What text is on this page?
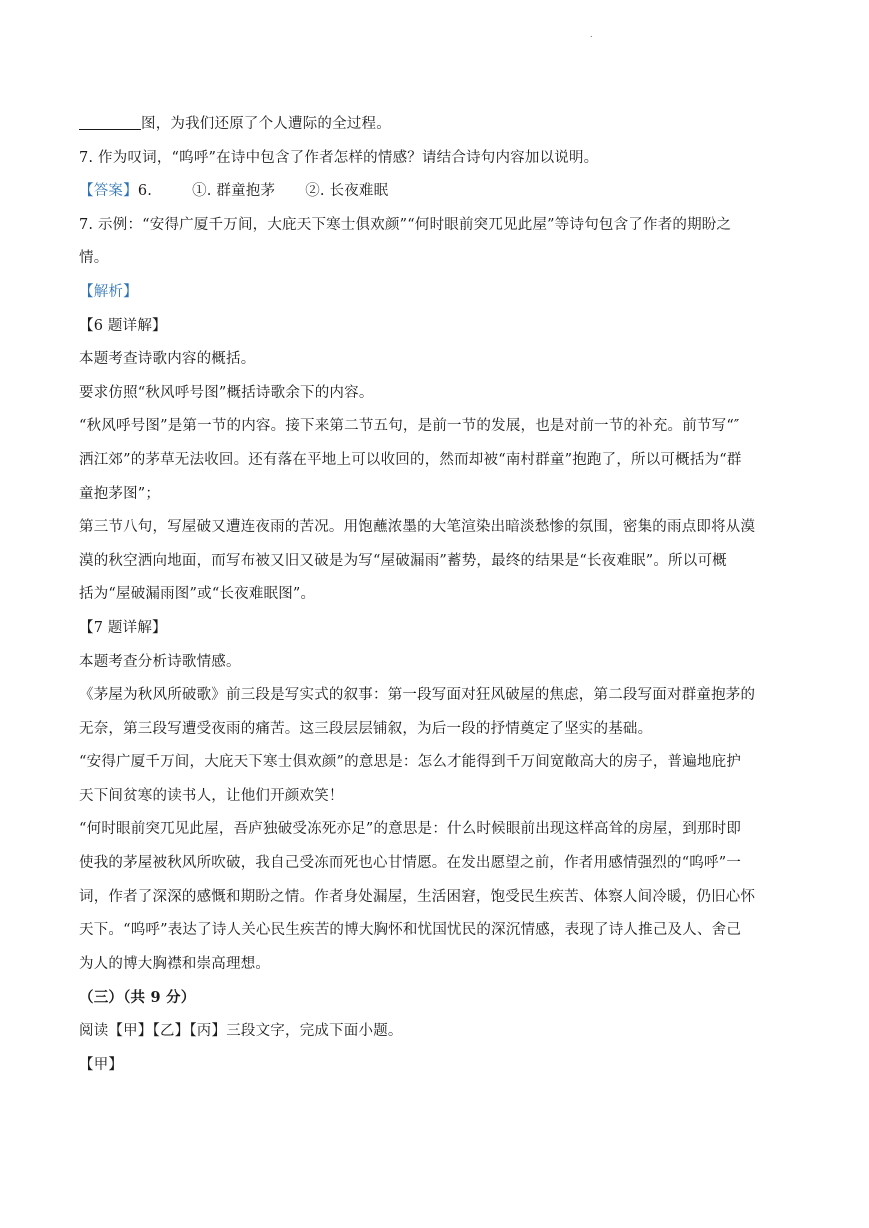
.
图，为我们还原了个人遭际的全过程。
7. 作为叹词，“呜呼”在诗中包含了作者怎样的情感？请结合诗句内容加以说明。
【答案】6.	①. 群童抱茅 ②. 长夜难眠
7. 示例：“安得广厦千万间，大庇天下寒士俱欢颜”“何时眼前突兀见此屋”等诗句包含了作者的期盼之
情。
【解析】
【6 题详解】
本题考查诗歌内容的概括。
要求仿照“秋风呼号图”概括诗歌余下的内容。
“秋风呼号图”是第一节的内容。接下来第二节五句，是前一节的发展，也是对前一节的补充。前节写“″
洒江郊”的茅草无法收回。还有落在平地上可以收回的，然而却被“南村群童”抱跑了，所以可概括为“群
童抱茅图”；
第三节八句，写屋破又遭连夜雨的苦况。用饱蘸浓墨的大笔渲染出暗淡愁惨的氛围，密集的雨点即将从漠
漠的秋空洒向地面，而写布被又旧又破是为写“屋破漏雨”蓄势，最终的结果是“长夜难眠”。所以可概
括为“屋破漏雨图”或“长夜难眠图”。
【7 题详解】
本题考查分析诗歌情感。
《茅屋为秋风所破歌》前三段是写实式的叙事：第一段写面对狂风破屋的焦虑，第二段写面对群童抱茅的
无奈，第三段写遭受夜雨的痛苦。这三段层层铺叙，为后一段的抒情奠定了坚实的基础。
“安得广厦千万间，大庇天下寒士俱欢颜”的意思是：怎么才能得到千万间宽敞高大的房子，普遍地庇护
天下间贫寒的读书人，让他们开颜欢笑！
“何时眼前突兀见此屋，吾庐独破受冻死亦足”的意思是：什么时候眼前出现这样高耸的房屋，到那时即
使我的茅屋被秋风所吹破，我自己受冻而死也心甘情愿。在发出愿望之前，作者用感情强烈的“呜呼”一
词，作者了深深的感慨和期盼之情。作者身处漏屋，生活困窘，饱受民生疾苦、体察人间冷暖，仍旧心怀
天下。“呜呼”表达了诗人关心民生疾苦的博大胸怀和忧国忧民的深沉情感，表现了诗人推己及人、舍己
为人的博大胸襟和崇高理想。
（三）（共 9 分）
阅读【甲】【乙】【丙】三段文字，完成下面小题。
【甲】
